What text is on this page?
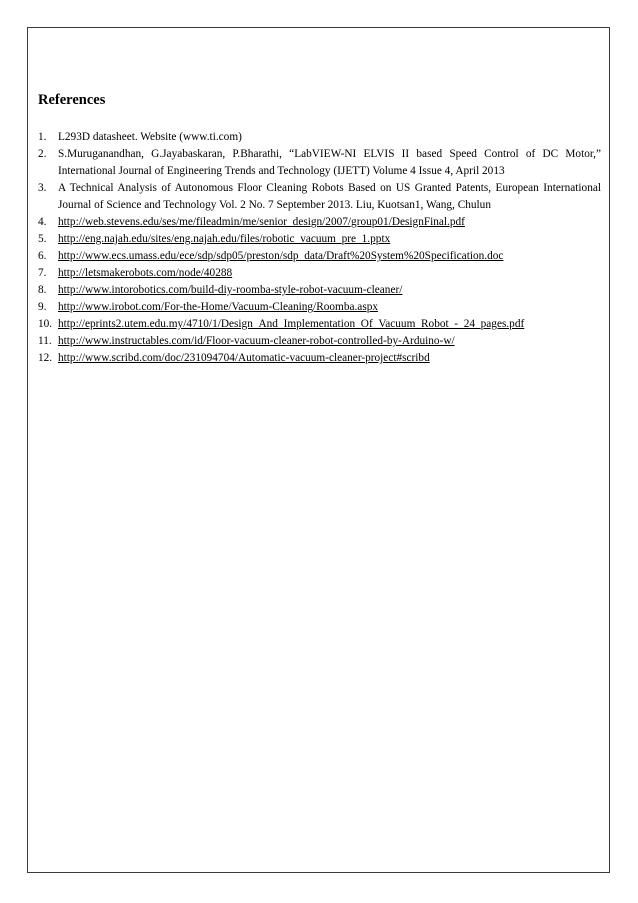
References
1.	L293D datasheet. Website (www.ti.com)
2.	S.Muruganandhan, G.Jayabaskaran, P.Bharathi, “LabVIEW-NI ELVIS II based Speed Control of DC Motor,” International Journal of Engineering Trends and Technology (IJETT) Volume 4 Issue 4, April 2013
3.	A Technical Analysis of Autonomous Floor Cleaning Robots Based on US Granted Patents, European International Journal of Science and Technology Vol. 2 No. 7 September 2013. Liu, Kuotsan1, Wang, Chulun
4.	http://web.stevens.edu/ses/me/fileadmin/me/senior_design/2007/group01/DesignFinal.pdf
5.	http://eng.najah.edu/sites/eng.najah.edu/files/robotic_vacuum_pre_1.pptx
6.	http://www.ecs.umass.edu/ece/sdp/sdp05/preston/sdp_data/Draft%20System%20Specification.doc
7.	http://letsmakerobots.com/node/40288
8.	http://www.intorobotics.com/build-diy-roomba-style-robot-vacuum-cleaner/
9.	http://www.irobot.com/For-the-Home/Vacuum-Cleaning/Roomba.aspx
10. http://eprints2.utem.edu.my/4710/1/Design_And_Implementation_Of_Vacuum_Robot_-_24_pages.pdf
11. http://www.instructables.com/id/Floor-vacuum-cleaner-robot-controlled-by-Arduino-w/
12. http://www.scribd.com/doc/231094704/Automatic-vacuum-cleaner-project#scribd
